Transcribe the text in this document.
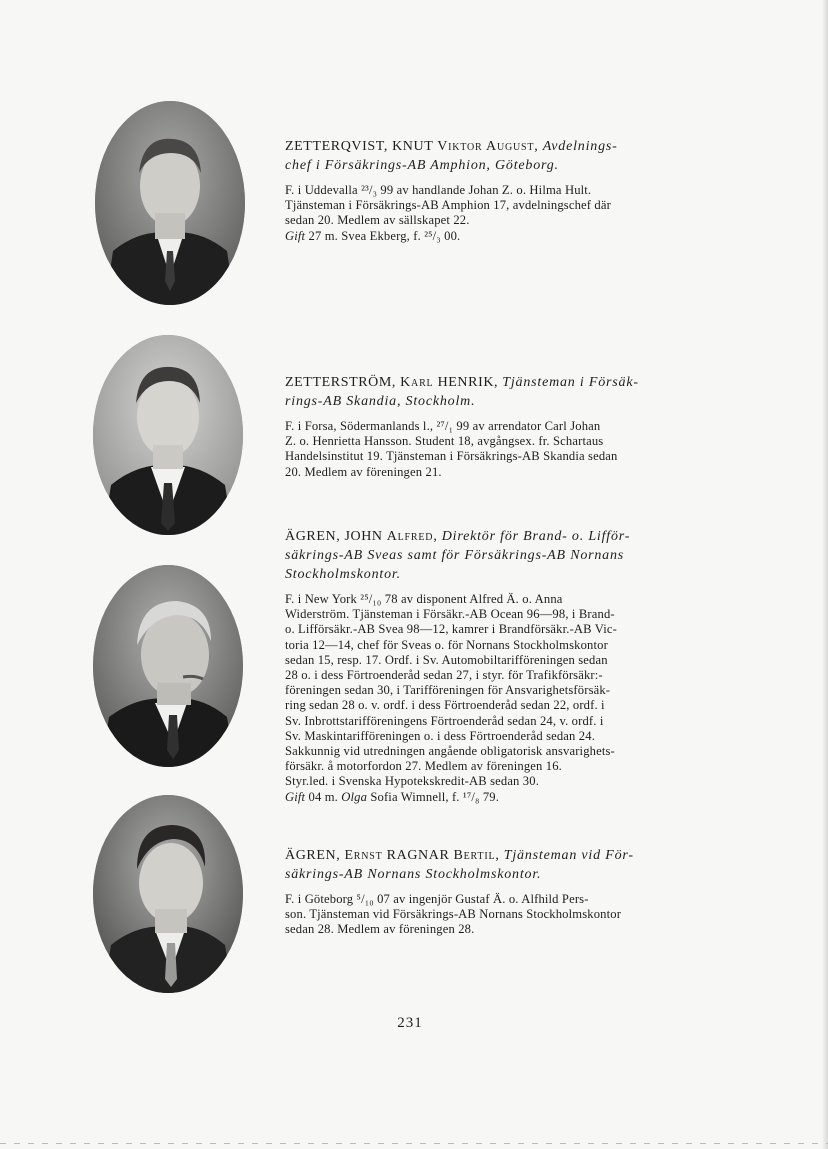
ZETTERQVIST, KNUT Viktor August, Avdelnings-
chef i Försäkrings-AB Amphion, Göteborg.
F. i Uddevalla ²³/₃ 99 av handlande Johan Z. o. Hilma Hult.
Tjänsteman i Försäkrings-AB Amphion 17, avdelningschef där
sedan 20. Medlem av sällskapet 22.
Gift 27 m. Svea Ekberg, f. ²⁵/₃ 00.
ZETTERSTRÖM, Karl HENRIK, Tjänsteman i Försäk-
rings-AB Skandia, Stockholm.
F. i Forsa, Södermanlands l., ²⁷/₁ 99 av arrendator Carl Johan
Z. o. Henrietta Hansson. Student 18, avgångsex. fr. Schartaus
Handelsinstitut 19. Tjänsteman i Försäkrings-AB Skandia sedan
20. Medlem av föreningen 21.
ÄGREN, JOHN Alfred, Direktör för Brand- o. Lifför-
säkrings-AB Sveas samt för Försäkrings-AB Nornans
Stockholmskontor.
F. i New York ²⁵/₁₀ 78 av disponent Alfred Ä. o. Anna
Widerström. Tjänsteman i Försäkr.-AB Ocean 96—98, i Brand-
o. Lifförsäkr.-AB Svea 98—12, kamrer i Brandförsäkr.-AB Vic-
toria 12—14, chef för Sveas o. för Nornans Stockholmskontor
sedan 15, resp. 17. Ordf. i Sv. Automobiltarifföreningen sedan
28 o. i dess Förtroenderåd sedan 27, i styr. för Trafikförsäkr:-
föreningen sedan 30, i Tarifföreningen för Ansvarighetsförsäk-
ring sedan 28 o. v. ordf. i dess Förtroenderåd sedan 22, ordf. i
Sv. Inbrottstarifföreningens Förtroenderåd sedan 24, v. ordf. i
Sv. Maskintarifföreningen o. i dess Förtroenderåd sedan 24.
Sakkunnig vid utredningen angående obligatorisk ansvarighets-
försäkr. å motorfordon 27. Medlem av föreningen 16.
Styr.led. i Svenska Hypotekskredit-AB sedan 30.
Gift 04 m. Olga Sofia Wimnell, f. ¹⁷/₈ 79.
ÄGREN, Ernst RAGNAR Bertil, Tjänsteman vid För-
säkrings-AB Nornans Stockholmskontor.
F. i Göteborg ⁵/₁₀ 07 av ingenjör Gustaf Ä. o. Alfhild Pers-
son. Tjänsteman vid Försäkrings-AB Nornans Stockholmskontor
sedan 28. Medlem av föreningen 28.
231
